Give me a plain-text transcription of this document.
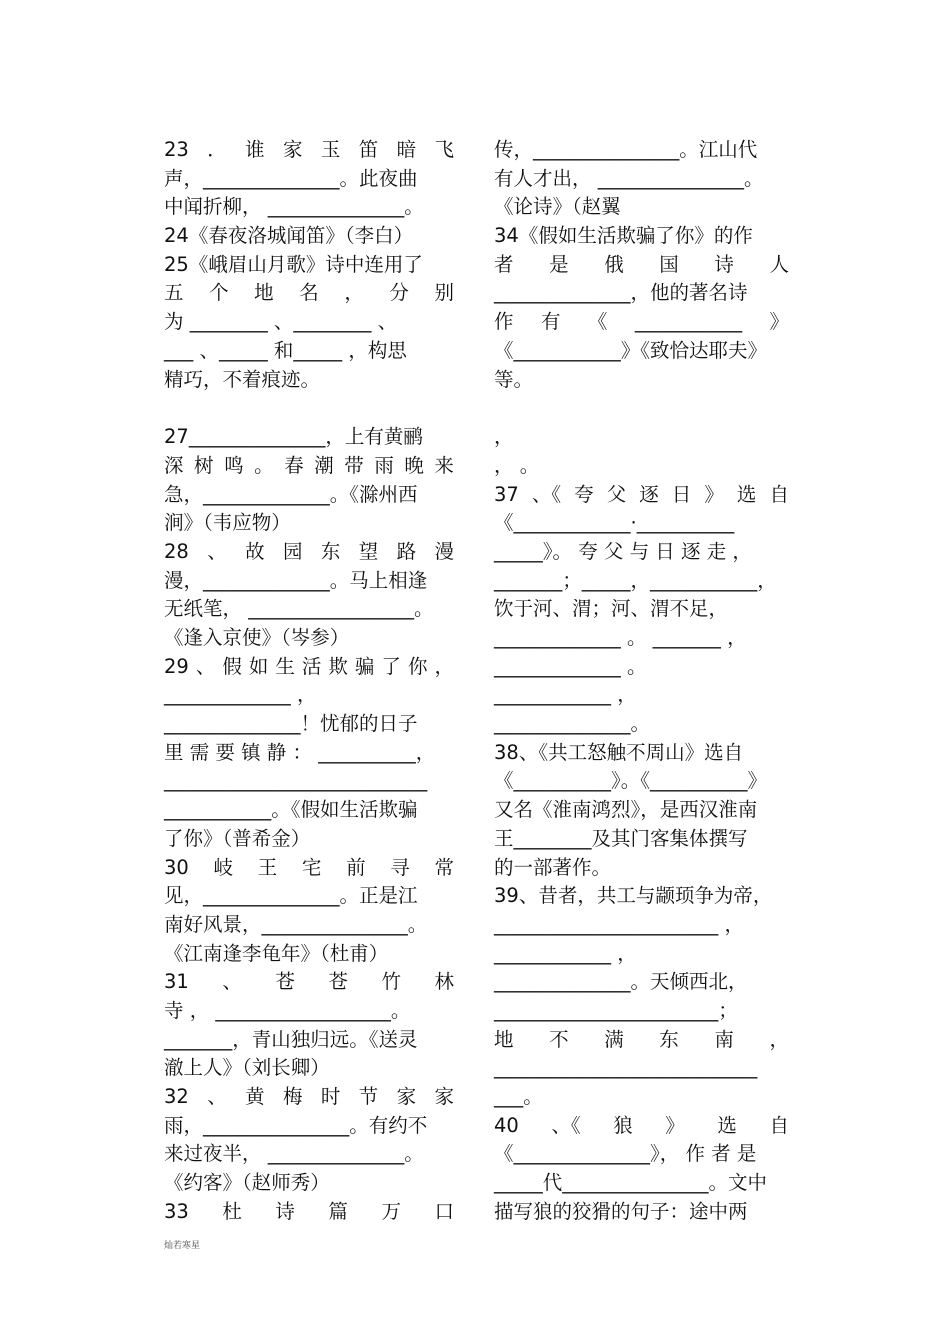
23 ． 谁 家 玉 笛 暗 飞
声，______________。此夜曲
中闻折柳， ______________。
24《春夜洛城闻笛》（李白）
25《峨眉山月歌》诗中连用了
五 个 地 名 ， 分 别
为 ________ 、________ 、
___ 、_____ 和_____ ，构思
精巧，不着痕迹。
27______________，上有黄鹂
深 树 鸣 。 春 潮 带 雨 晚 来
急，_____________。《滁州西
涧》（韦应物）
28 、 故 园 东 望 路 漫
漫，_____________。马上相逢
无纸笔， _________________。
《逢入京使》（岑参）
29 、 假 如 生 活 欺 骗 了 你 ，
_____________ ，
______________！忧郁的日子
里 需 要 镇 静 ： __________，
___________________________
___________。《假如生活欺骗
了你》（普希金）
30 岐 王 宅 前 寻 常
见，______________。正是江
南好风景，_______________。
《江南逢李龟年》（杜甫）
31 、 苍 苍 竹 林
寺 ， __________________。
_______，青山独归远。《送灵
澈上人》（刘长卿）
32 、 黄 梅 时 节 家 家
雨，_______________。有约不
来过夜半， ______________。
《约客》（赵师秀）
33 杜 诗 篇 万 口
传，_______________。江山代
有人才出， _______________。
《论诗》（赵翼
34《假如生活欺骗了你》的作
者 是 俄 国 诗 人
______________，他的著名诗
作 有 《 ___________ 》
《___________》《致恰达耶夫》
等。
，
， 。
37 、《 夸 父 逐 日 》 选 自
《____________·__________
_____》。 夸 父 与 日 逐 走 ，
_______；_____，___________，
饮于河、渭；河、渭不足，
_____________ 。 _______ ，
_____________ 。
____________ ，
______________。
38、《共工怒触不周山》选自
《__________》。《__________》
又名《淮南鸿烈》，是西汉淮南
王________及其门客集体撰写
的一部著作。
39、昔者，共工与颛顼争为帝，
_______________________ ，
____________ ，
______________。天倾西北，
_______________________；
地 不 满 东 南 ，
___________________________
___。
40 、《 狼 》 选 自
《______________》， 作 者 是
_____代_______________。文中
描写狼的狡猾的句子：途中两
灿若寒星
